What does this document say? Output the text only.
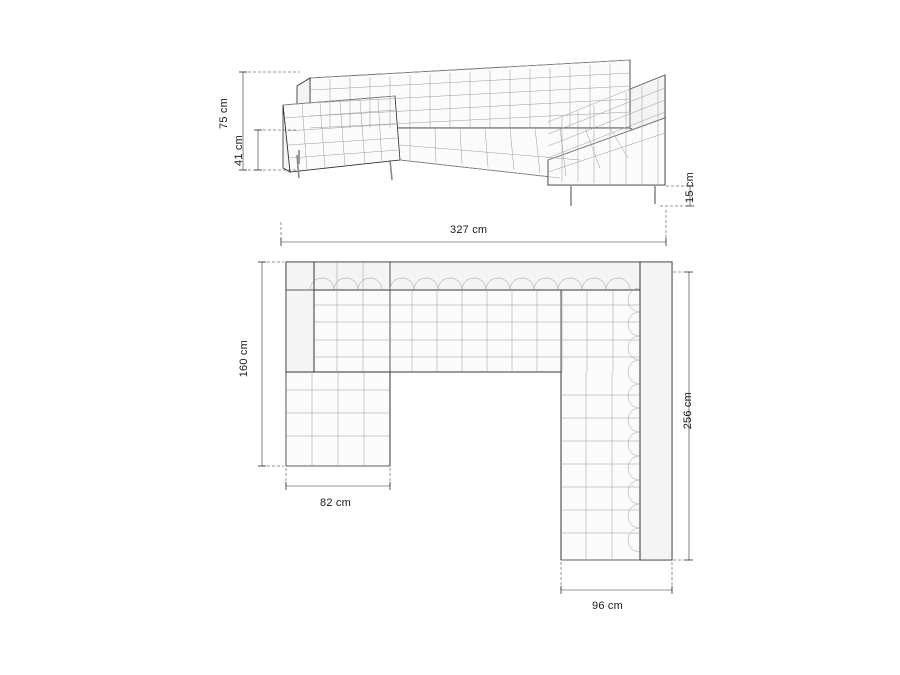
75 cm
41 cm
15 cm
327 cm
160 cm
256 cm
82 cm
96 cm
